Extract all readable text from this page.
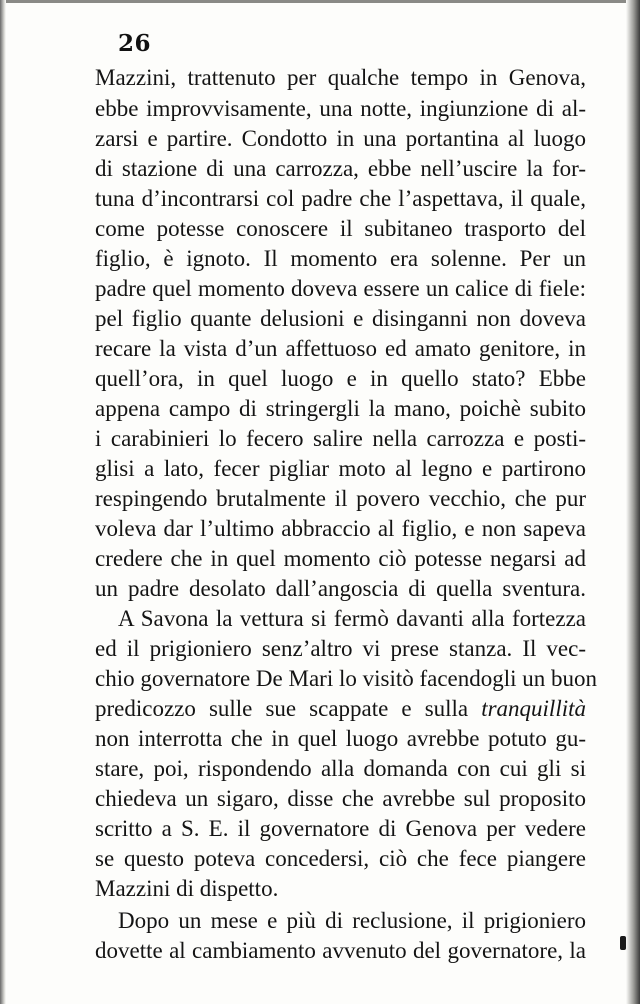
26
Mazzini, trattenuto per qualche tempo in Genova,
ebbe improvvisamente, una notte, ingiunzione di al-
zarsi e partire. Condotto in una portantina al luogo
di stazione di una carrozza, ebbe nell’uscire la for-
tuna d’incontrarsi col padre che l’aspettava, il quale,
come potesse conoscere il subitaneo trasporto del
figlio, è ignoto. Il momento era solenne. Per un
padre quel momento doveva essere un calice di fiele:
pel figlio quante delusioni e disinganni non doveva
recare la vista d’un affettuoso ed amato genitore, in
quell’ora, in quel luogo e in quello stato? Ebbe
appena campo di stringergli la mano, poichè subito
i carabinieri lo fecero salire nella carrozza e posti-
glisi a lato, fecer pigliar moto al legno e partirono
respingendo brutalmente il povero vecchio, che pur
voleva dar l’ultimo abbraccio al figlio, e non sapeva
credere che in quel momento ciò potesse negarsi ad
un padre desolato dall’angoscia di quella sventura.
A Savona la vettura si fermò davanti alla fortezza
ed il prigioniero senz’altro vi prese stanza. Il vec-
chio governatore De Mari lo visitò facendogli un buon
predicozzo sulle sue scappate e sulla tranquillità
non interrotta che in quel luogo avrebbe potuto gu-
stare, poi, rispondendo alla domanda con cui gli si
chiedeva un sigaro, disse che avrebbe sul proposito
scritto a S. E. il governatore di Genova per vedere
se questo poteva concedersi, ciò che fece piangere
Mazzini di dispetto.
Dopo un mese e più di reclusione, il prigioniero
dovette al cambiamento avvenuto del governatore, la
